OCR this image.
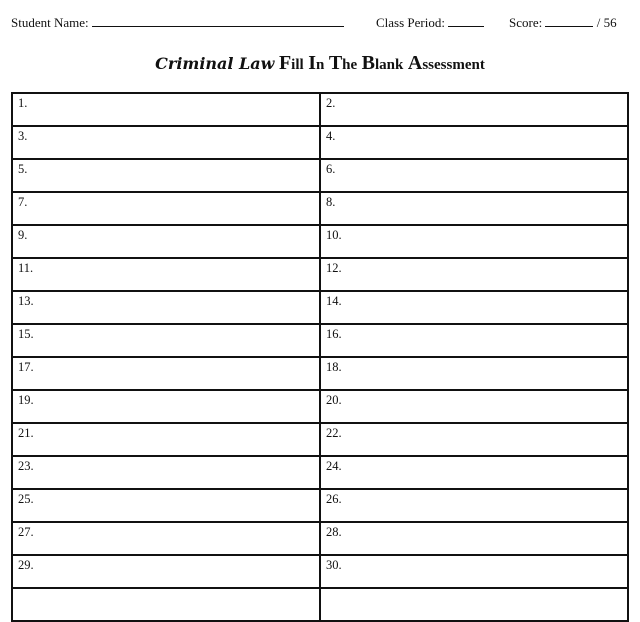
Student Name:	Class Period:	Score:	/ 56
Criminal Law Fill In The Blank Assessment
1.	2.
3.	4.
5.	6.
7.	8.
9.	10.
11.	12.
13.	14.
15.	16.
17.	18.
19.	20.
21.	22.
23.	24.
25.	26.
27.	28.
29.	30.
